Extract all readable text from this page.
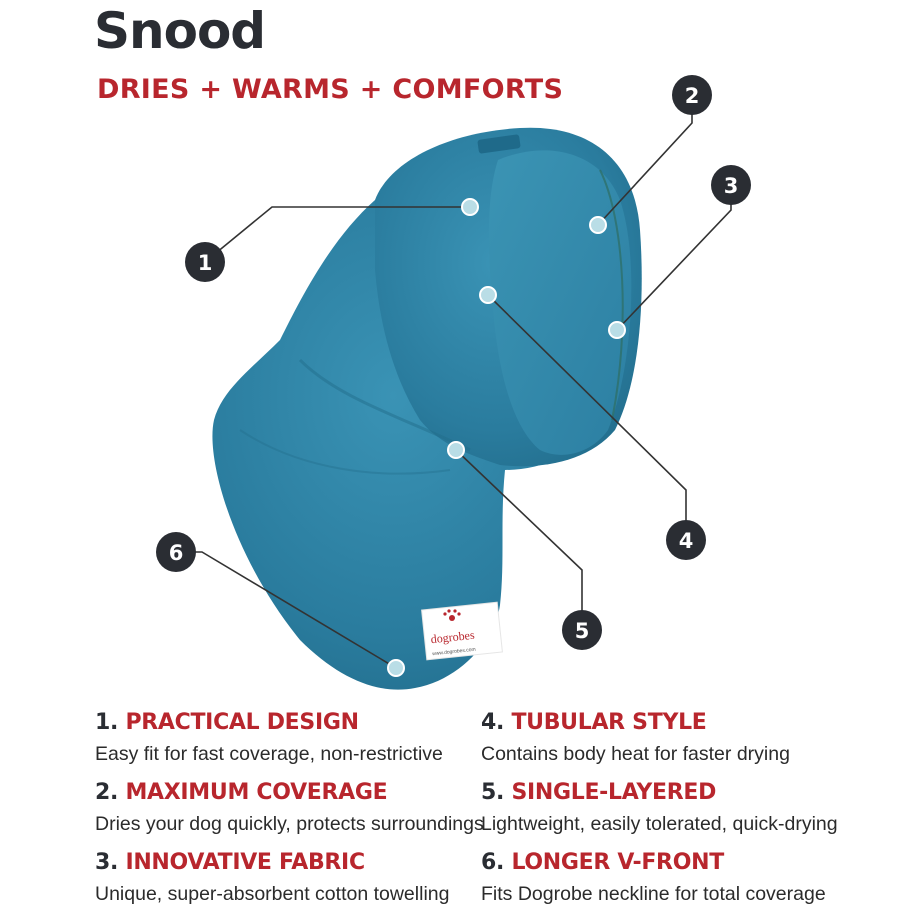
Snood
DRIES + WARMS + COMFORTS
dogrobes
www.dogrobes.com
1
2
3
4
5
6
1. PRACTICAL DESIGN
Easy fit for fast coverage, non-restrictive
2. MAXIMUM COVERAGE
Dries your dog quickly, protects surroundings
3. INNOVATIVE FABRIC
Unique, super-absorbent cotton towelling
4. TUBULAR STYLE
Contains body heat for faster drying
5. SINGLE-LAYERED
Lightweight, easily tolerated, quick-drying
6. LONGER V-FRONT
Fits Dogrobe neckline for total coverage
